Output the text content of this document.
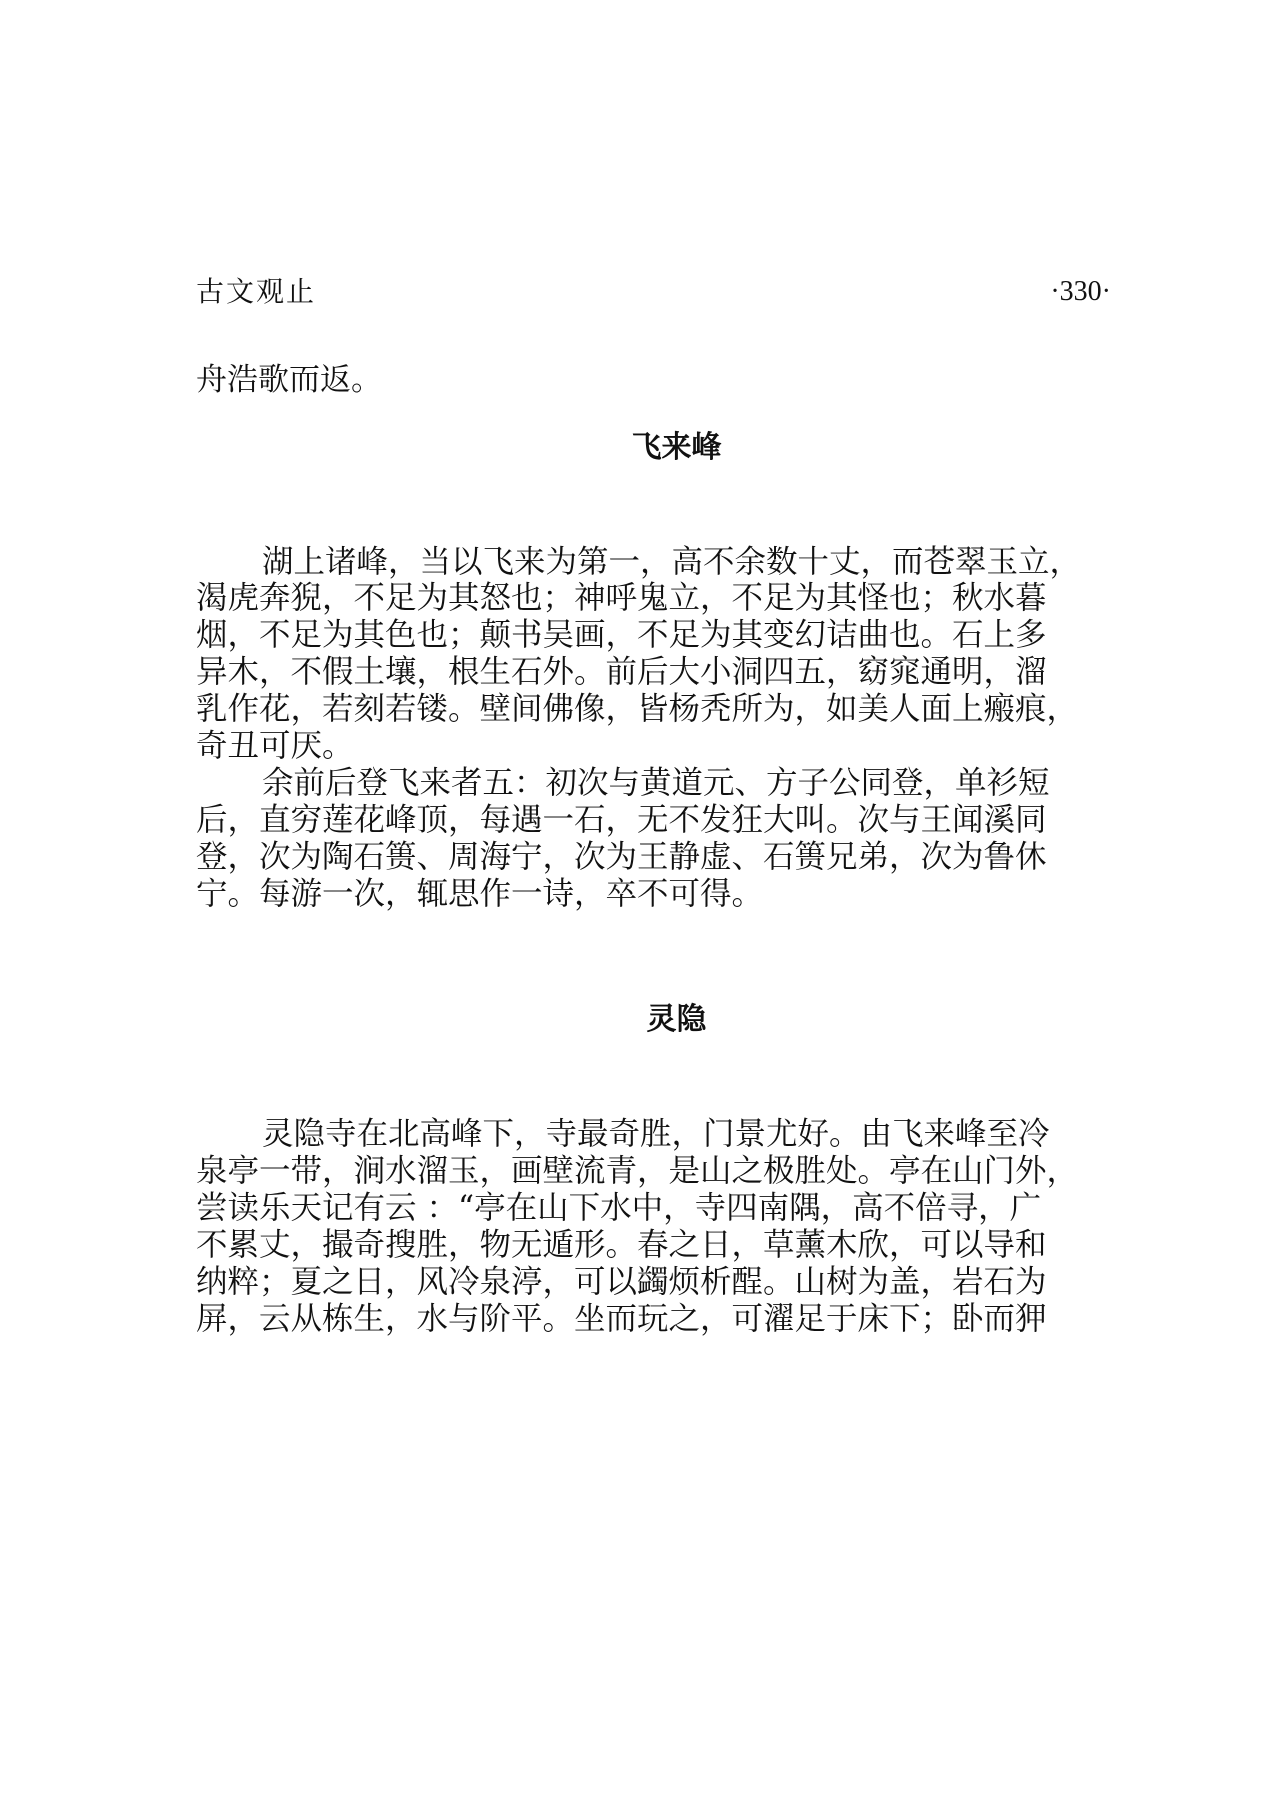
古文观止	·330·
舟浩歌而返。
飞来峰
湖上诸峰，当以飞来为第一，高不余数十丈，而苍翠玉立，
渴虎奔猊，不足为其怒也；神呼鬼立，不足为其怪也；秋水暮
烟，不足为其色也；颠书吴画，不足为其变幻诘曲也。石上多
异木，不假土壤，根生石外。前后大小洞四五，窈窕通明，溜
乳作花，若刻若镂。壁间佛像，皆杨秃所为，如美人面上瘢痕，
奇丑可厌。
余前后登飞来者五：初次与黄道元、方子公同登，单衫短
后，直穷莲花峰顶，每遇一石，无不发狂大叫。次与王闻溪同
登，次为陶石篑、周海宁，次为王静虚、石篑兄弟，次为鲁休
宁。每游一次，辄思作一诗，卒不可得。
灵隐
灵隐寺在北高峰下，寺最奇胜，门景尤好。由飞来峰至冷
泉亭一带，涧水溜玉，画壁流青，是山之极胜处。亭在山门外，
尝读乐天记有云 ：“亭在山下水中，寺四南隅，高不倍寻，广
不累丈，撮奇搜胜，物无遁形。春之日，草薰木欣，可以导和
纳粹；夏之日，风冷泉渟，可以蠲烦析酲。山树为盖，岩石为
屏，云从栋生，水与阶平。坐而玩之，可濯足于床下；卧而狎
